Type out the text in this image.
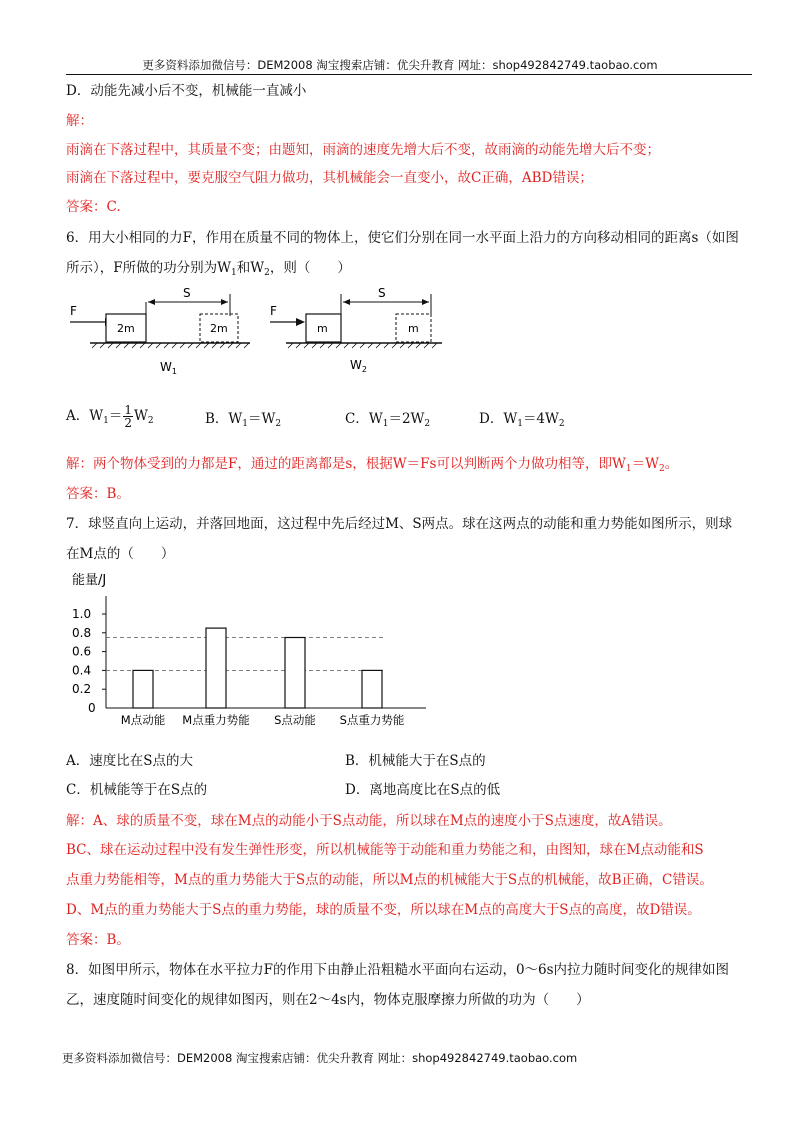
更多资料添加微信号：DEM2008 淘宝搜索店铺：优尖升教育 网址：shop492842749.taobao.com
D．动能先减小后不变，机械能一直减小
解：
雨滴在下落过程中，其质量不变；由题知，雨滴的速度先增大后不变，故雨滴的动能先增大后不变；
雨滴在下落过程中，要克服空气阻力做功，其机械能会一直变小，故C正确，ABD错误；
答案：C.
6．用大小相同的力F，作用在质量不同的物体上，使它们分别在同一水平面上沿力的方向移动相同的距离s（如图
所示），F所做的功分别为$W_1$和$W_2$，则（　　）
F
S
2m	2m
$W_1$
F
S
m	m
$W_2$
A．$W_1= \frac{1}{2} W_2$	B．$W_1=W_2$	C．$W_1=2W_2$	D．$W_1=4W_2$
解：两个物体受到的力都是F，通过的距离都是s，根据W＝Fs可以判断两个力做功相等，即$W_1=W_2$。
答案：B。
7．球竖直向上运动，并落回地面，这过程中先后经过M、S两点。球在这两点的动能和重力势能如图所示，则球
在M点的（　　）
能量/J
1.0
0.8
0.6
0.4
0.2
0
M点动能 M点重力势能 S点动能 S点重力势能
A．速度比在S点的大	B．机械能大于在S点的
C．机械能等于在S点的	D．离地高度比在S点的低
解：A、球的质量不变，球在M点的动能小于S点动能，所以球在M点的速度小于S点速度，故A错误。
BC、球在运动过程中没有发生弹性形变，所以机械能等于动能和重力势能之和，由图知，球在M点动能和S
点重力势能相等，M点的重力势能大于S点的动能，所以M点的机械能大于S点的机械能，故B正确，C错误。
D、M点的重力势能大于S点的重力势能，球的质量不变，所以球在M点的高度大于S点的高度，故D错误。
答案：B。
8．如图甲所示，物体在水平拉力F的作用下由静止沿粗糙水平面向右运动，0～6s内拉力随时间变化的规律如图
乙，速度随时间变化的规律如图丙，则在2～4s内，物体克服摩擦力所做的功为（　　）
更多资料添加微信号：DEM2008 淘宝搜索店铺：优尖升教育 网址：shop492842749.taobao.com
